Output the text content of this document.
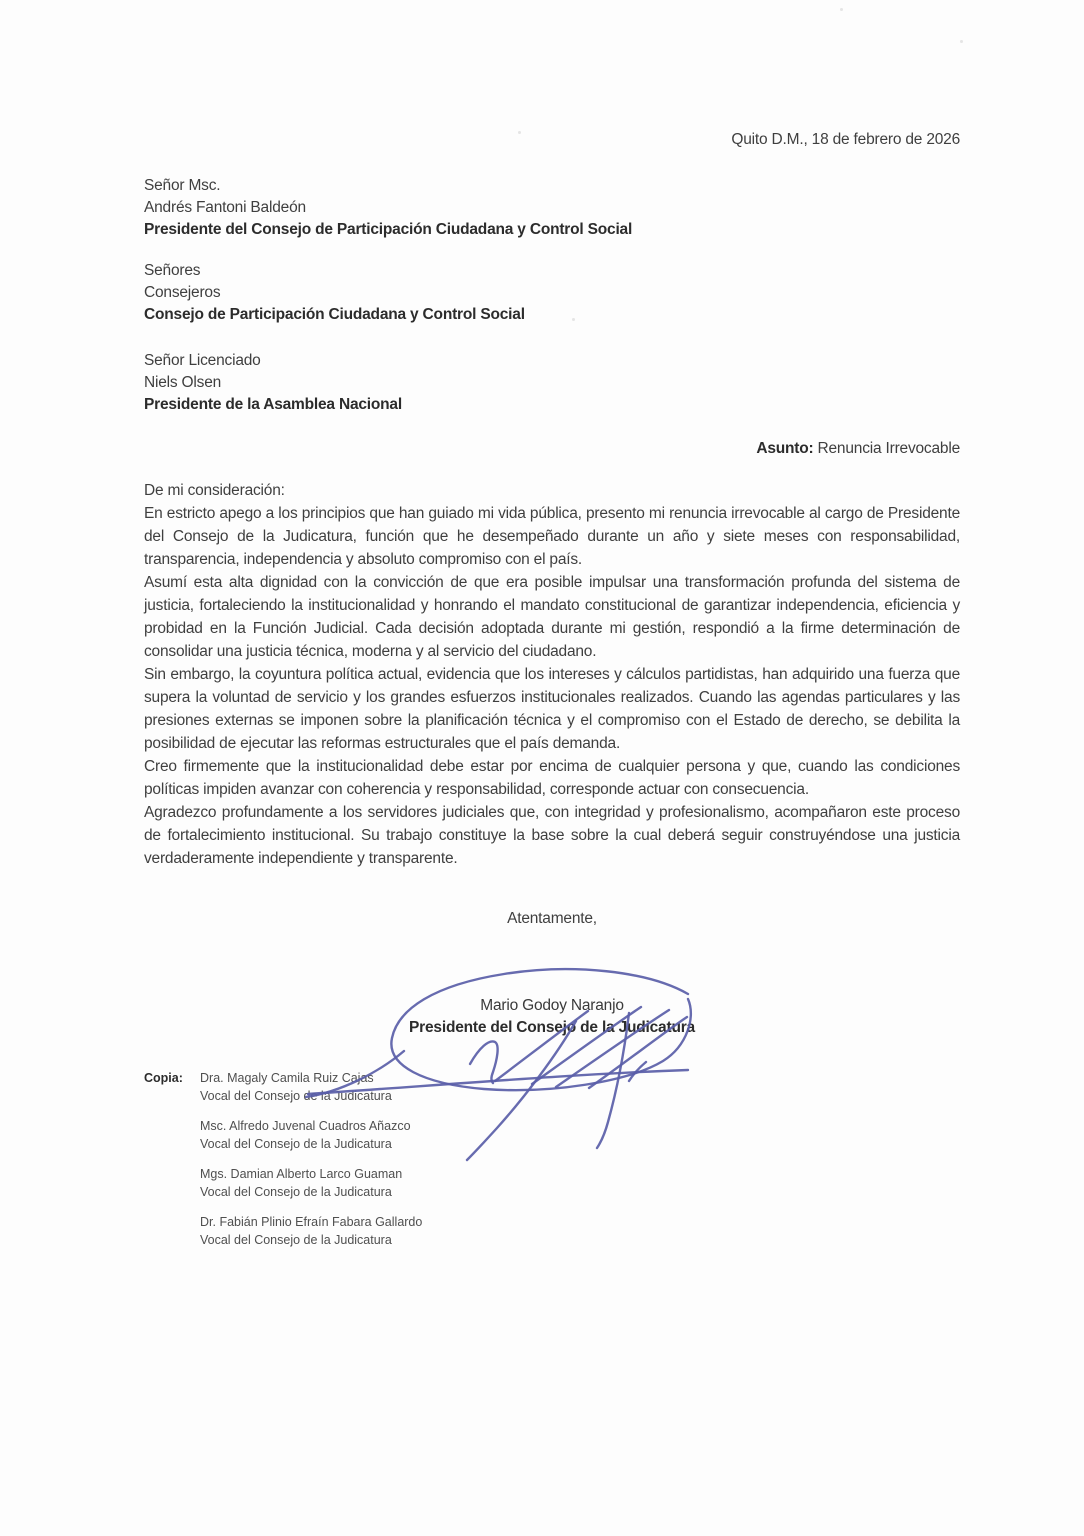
Quito D.M., 18 de febrero de 2026
Señor Msc.
Andrés Fantoni Baldeón
Presidente del Consejo de Participación Ciudadana y Control Social
Señores
Consejeros
Consejo de Participación Ciudadana y Control Social
Señor Licenciado
Niels Olsen
Presidente de la Asamblea Nacional
Asunto: Renuncia Irrevocable
De mi consideración:

En estricto apego a los principios que han guiado mi vida pública, presento mi renuncia irrevocable al cargo de Presidente del Consejo de la Judicatura, función que he desempeñado durante un año y siete meses con responsabilidad, transparencia, independencia y absoluto compromiso con el país.

Asumí esta alta dignidad con la convicción de que era posible impulsar una transformación profunda del sistema de justicia, fortaleciendo la institucionalidad y honrando el mandato constitucional de garantizar independencia, eficiencia y probidad en la Función Judicial. Cada decisión adoptada durante mi gestión, respondió a la firme determinación de consolidar una justicia técnica, moderna y al servicio del ciudadano.

Sin embargo, la coyuntura política actual, evidencia que los intereses y cálculos partidistas, han adquirido una fuerza que supera la voluntad de servicio y los grandes esfuerzos institucionales realizados. Cuando las agendas particulares y las presiones externas se imponen sobre la planificación técnica y el compromiso con el Estado de derecho, se debilita la posibilidad de ejecutar las reformas estructurales que el país demanda.

Creo firmemente que la institucionalidad debe estar por encima de cualquier persona y que, cuando las condiciones políticas impiden avanzar con coherencia y responsabilidad, corresponde actuar con consecuencia.

Agradezco profundamente a los servidores judiciales que, con integridad y profesionalismo, acompañaron este proceso de fortalecimiento institucional. Su trabajo constituye la base sobre la cual deberá seguir construyéndose una justicia verdaderamente independiente y transparente.

Atentamente,
Mario Godoy Naranjo
Presidente del Consejo de la Judicatura
Copia:	Dra. Magaly Camila Ruiz Cajas
Vocal del Consejo de la Judicatura
Msc. Alfredo Juvenal Cuadros Añazco
Vocal del Consejo de la Judicatura
Mgs. Damian Alberto Larco Guaman
Vocal del Consejo de la Judicatura
Dr. Fabián Plinio Efraín Fabara Gallardo
Vocal del Consejo de la Judicatura
